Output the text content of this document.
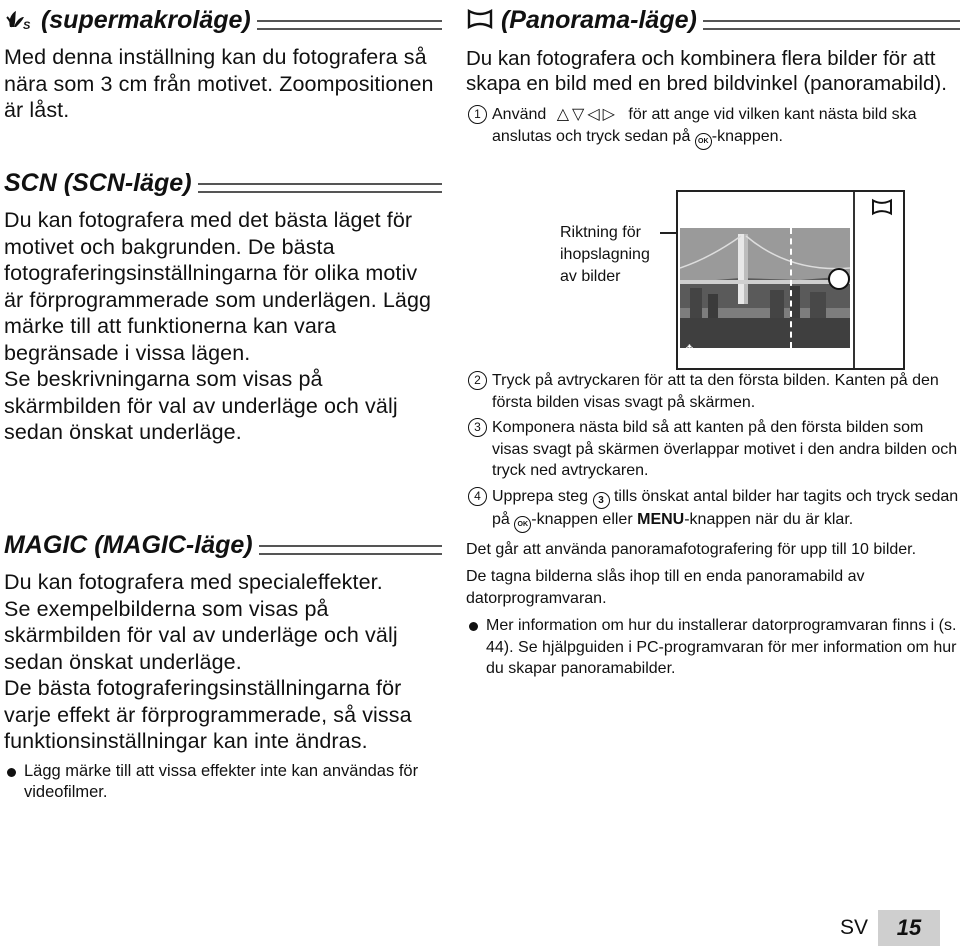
S (supermakroläge)

Med denna inställning kan du fotografera så nära som 3 cm från motivet. Zoompositionen är låst.

SCN (SCN-läge)

Du kan fotografera med det bästa läget för motivet och bakgrunden. De bästa fotograferingsinställningarna för olika motiv är förprogrammerade som underlägen. Lägg märke till att funktionerna kan vara begränsade i vissa lägen.

Se beskrivningarna som visas på skärmbilden för val av underläge och välj sedan önskat underläge.

MAGIC (MAGIC-läge)

Du kan fotografera med specialeffekter.

Se exempelbilderna som visas på skärmbilden för val av underläge och välj sedan önskat underläge.

De bästa fotograferingsinställningarna för varje effekt är förprogrammerade, så vissa funktionsinställningar kan inte ändras.

Lägg märke till att vissa effekter inte kan användas för videofilmer.
(Panorama-läge)
Du kan fotografera och kombinera flera bilder för att skapa en bild med en bred bildvinkel (panoramabild).
1 Använd △▽◁▷ för att ange vid vilken kant nästa bild ska anslutas och tryck sedan på OK -knappen.
Riktning för
ihopslagning
av bilder
✥
2 Tryck på avtryckaren för att ta den första bilden. Kanten på den första bilden visas svagt på skärmen.
3 Komponera nästa bild så att kanten på den första bilden som visas svagt på skärmen överlappar motivet i den andra bilden och tryck ned avtryckaren.
4 Upprepa steg 3 tills önskat antal bilder har tagits och tryck sedan på OK -knappen eller MENU-knappen när du är klar.
Det går att använda panoramafotografering för upp till 10 bilder.
De tagna bilderna slås ihop till en enda panoramabild av datorprogramvaran.
Mer information om hur du installerar datorprogramvaran finns i (s. 44). Se hjälpguiden i PC-programvaran för mer information om hur du skapar panoramabilder.
SV	15
